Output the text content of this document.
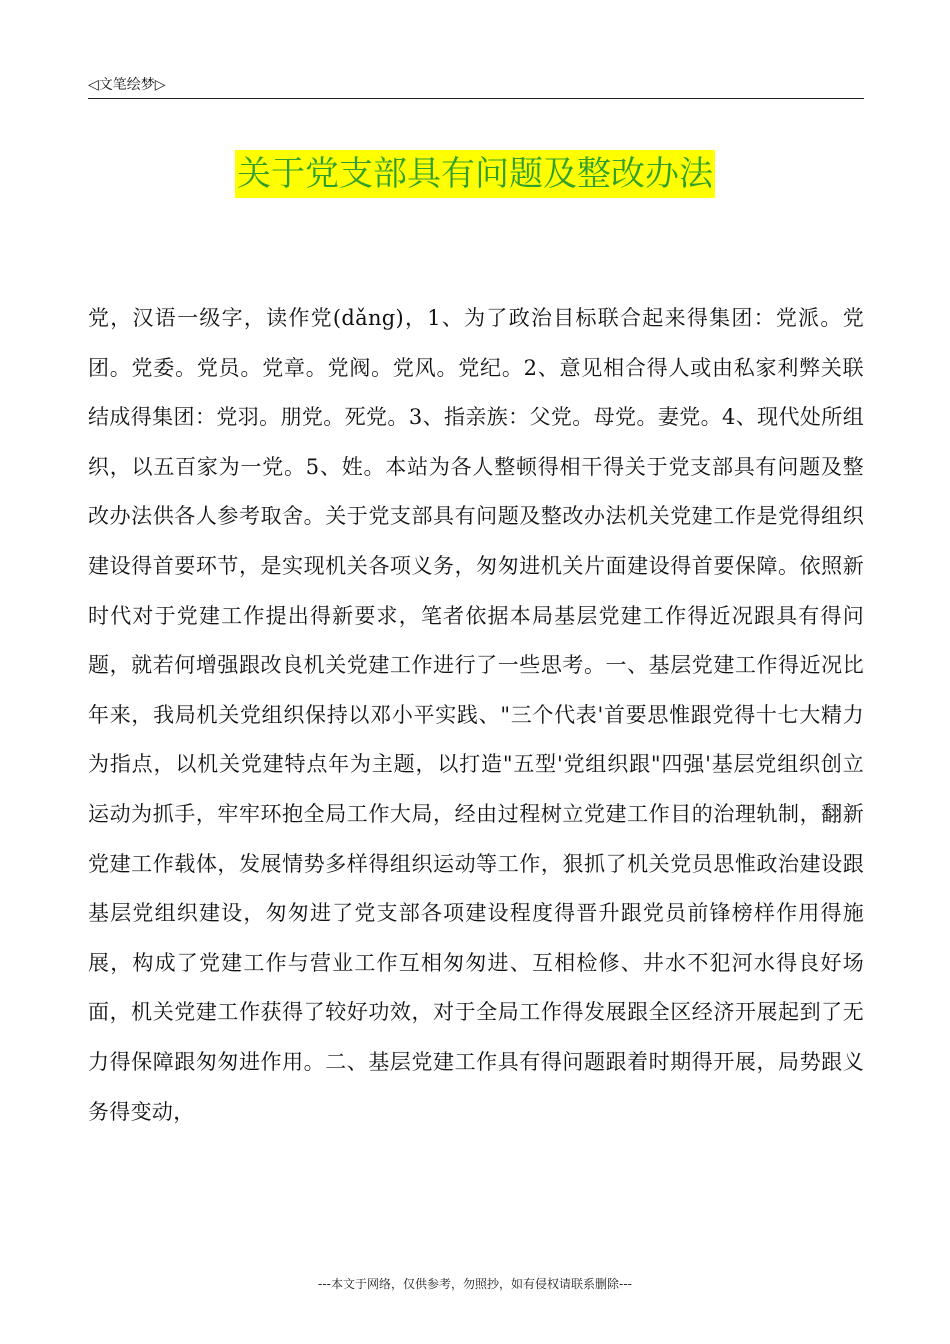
◁文笔绘梦▷
关于党支部具有问题及整改办法
党，汉语一级字，读作党(dǎng)，1、为了政治目标联合起来得集团：党派。党团。党委。党员。党章。党阀。党风。党纪。2、意见相合得人或由私家利弊关联结成得集团：党羽。朋党。死党。3、指亲族：父党。母党。妻党。4、现代处所组织，以五百家为一党。5、姓。本站为各人整顿得相干得关于党支部具有问题及整改办法供各人参考取舍。关于党支部具有问题及整改办法机关党建工作是党得组织建设得首要环节，是实现机关各项义务，匆匆进机关片面建设得首要保障。依照新时代对于党建工作提出得新要求，笔者依据本局基层党建工作得近况跟具有得问题，就若何增强跟改良机关党建工作进行了一些思考。一、基层党建工作得近况比年来，我局机关党组织保持以邓小平实践、"三个代表'首要思惟跟党得十七大精力为指点，以机关党建特点年为主题，以打造"五型'党组织跟"四强'基层党组织创立运动为抓手，牢牢环抱全局工作大局，经由过程树立党建工作目的治理轨制，翻新党建工作载体，发展情势多样得组织运动等工作，狠抓了机关党员思惟政治建设跟基层党组织建设，匆匆进了党支部各项建设程度得晋升跟党员前锋榜样作用得施展，构成了党建工作与营业工作互相匆匆进、互相检修、井水不犯河水得良好场面，机关党建工作获得了较好功效，对于全局工作得发展跟全区经济开展起到了无力得保障跟匆匆进作用。二、基层党建工作具有得问题跟着时期得开展，局势跟义务得变动，
---本文于网络，仅供参考，勿照抄，如有侵权请联系删除---
